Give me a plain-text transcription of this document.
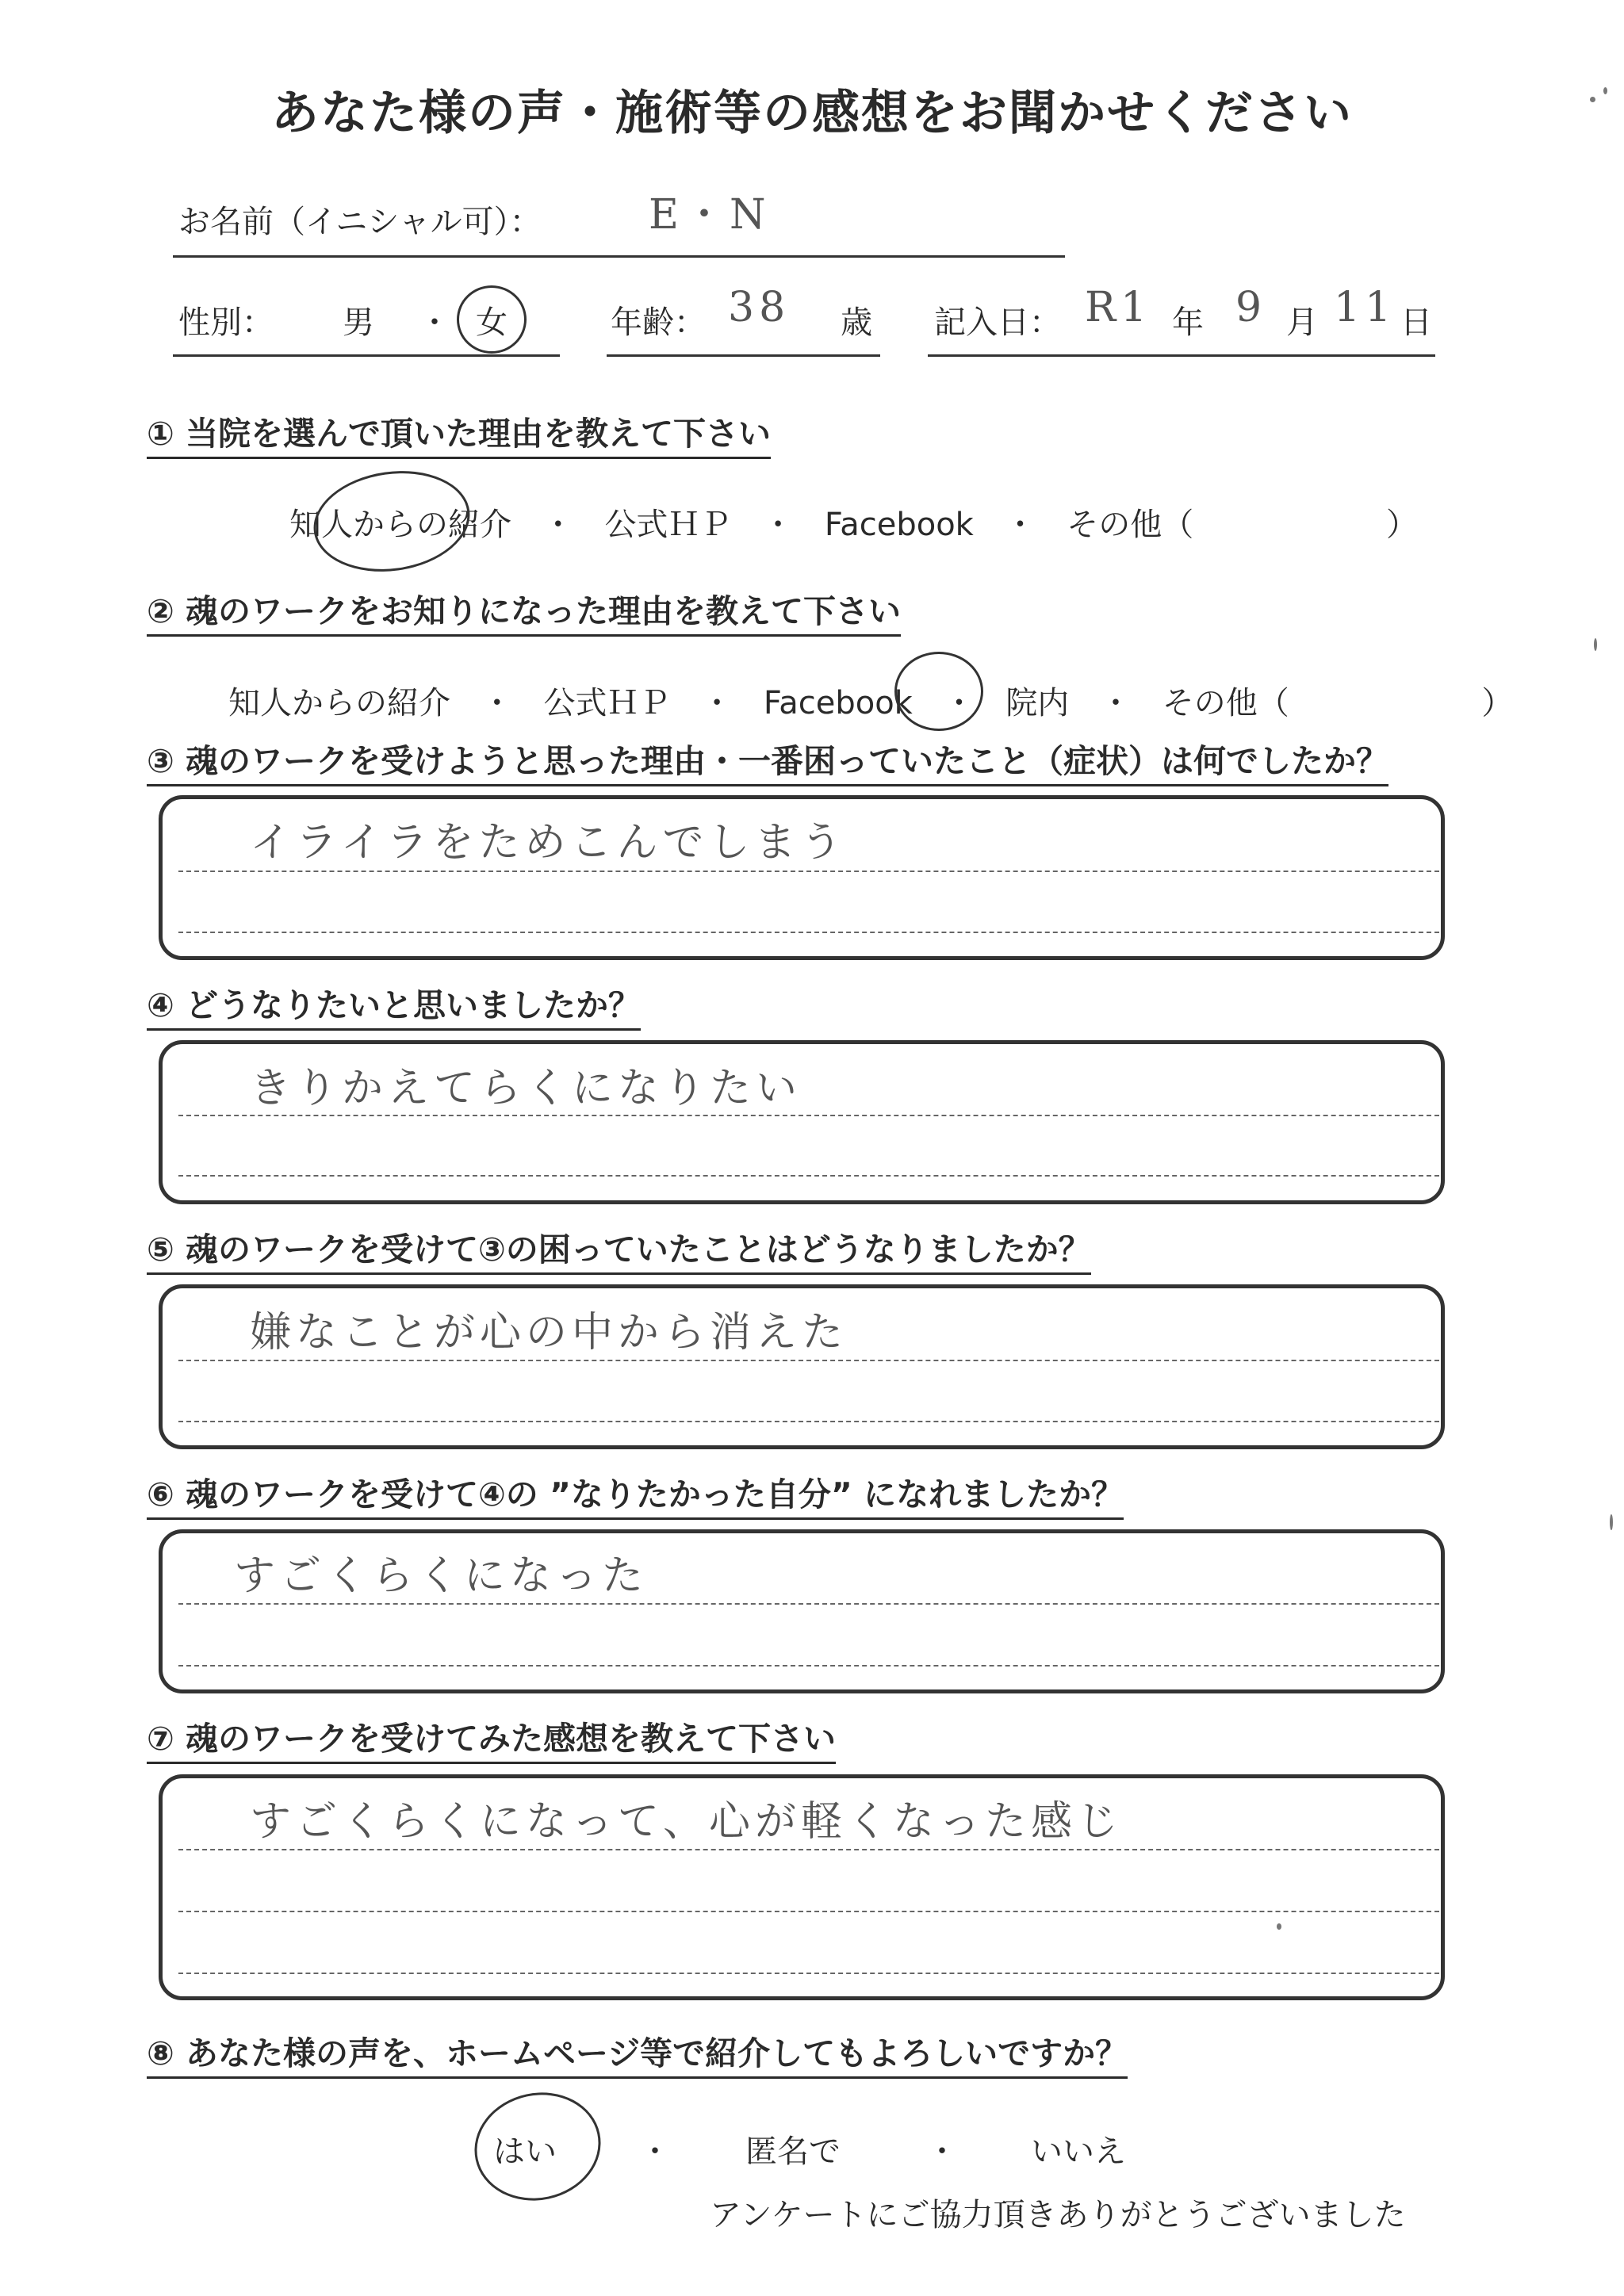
あなた様の声・施術等の感想をお聞かせください
お名前（イニシャル可）：	E・N
性別： 男 ・ 女	年齢： 38 歳 記入日： R1 年 9 月 11 日
① 当院を選んで頂いた理由を教えて下さい
知人からの紹介 ・ 公式ＨＰ ・ Facebook ・ その他（	）
② 魂のワークをお知りになった理由を教えて下さい
知人からの紹介 ・ 公式ＨＰ ・ Facebook ・ 院内 ・ その他（	）
③ 魂のワークを受けようと思った理由・一番困っていたこと（症状）は何でしたか？
イライラをためこんでしまう
④ どうなりたいと思いましたか？
きりかえてらくになりたい
⑤ 魂のワークを受けて③の困っていたことはどうなりましたか？
嫌なことが心の中から消えた
⑥ 魂のワークを受けて④の ”なりたかった自分” になれましたか？
すごくらくになった
⑦ 魂のワークを受けてみた感想を教えて下さい
すごくらくになって、心が軽くなった感じ
⑧ あなた様の声を、ホームページ等で紹介してもよろしいですか？
はい	・ 匿名で	・ いいえ
アンケートにご協力頂きありがとうございました
